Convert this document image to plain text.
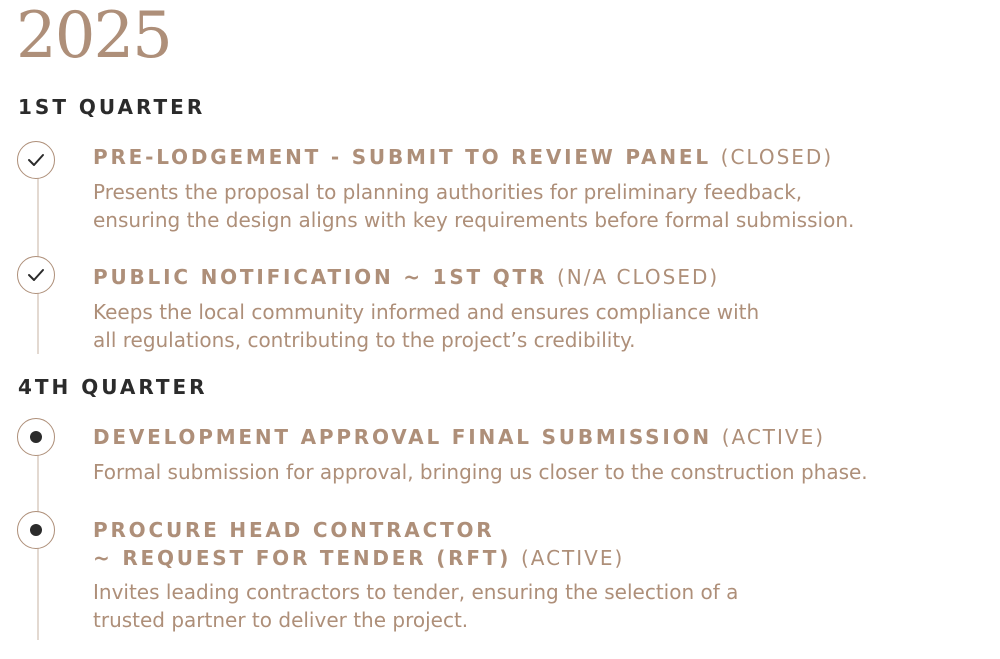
2025
1ST QUARTER
PRE-LODGEMENT - SUBMIT TO REVIEW PANEL (CLOSED)
Presents the proposal to planning authorities for preliminary feedback,
ensuring the design aligns with key requirements before formal submission.
PUBLIC NOTIFICATION ~ 1ST QTR (N/A CLOSED)
Keeps the local community informed and ensures compliance with
all regulations, contributing to the project’s credibility.
4TH QUARTER
DEVELOPMENT APPROVAL FINAL SUBMISSION (ACTIVE)
Formal submission for approval, bringing us closer to the construction phase.
PROCURE HEAD CONTRACTOR
~ REQUEST FOR TENDER (RFT) (ACTIVE)
Invites leading contractors to tender, ensuring the selection of a
trusted partner to deliver the project.
